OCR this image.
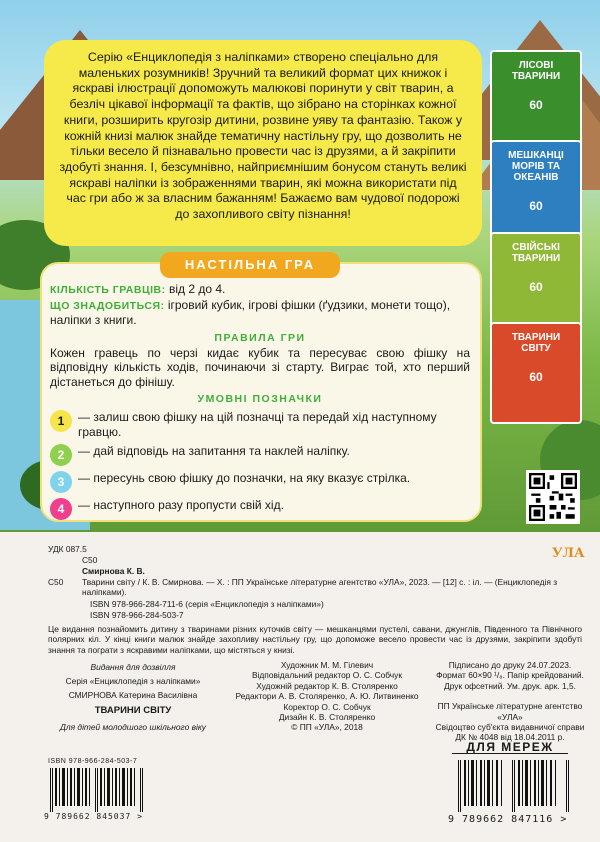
Серію «Енциклопедія з наліпками» створено спеціально для маленьких розумників! Зручний та великий формат цих книжок і яскраві ілюстрації допоможуть малюкові поринути у світ тварин, а безліч цікавої інформації та фактів, що зібрано на сторінках кожної книги, розширить кругозір дитини, розвине уяву та фантазію. Також у кожній книзі малюк знайде тематичну настільну гру, що дозволить не тільки весело й пізнавально провести час із друзями, а й закріпити здобуті знання. І, безсумнівно, найприємнішим бонусом стануть великі яскраві наліпки із зображеннями тварин, які можна використати під час гри або ж за власним бажанням! Бажаємо вам чудової подорожі до захопливого світу пізнання!

НАСТІЛЬНА ГРА

КІЛЬКІСТЬ ГРАВЦІВ: від 2 до 4.

ЩО ЗНАДОБИТЬСЯ: ігровий кубик, ігрові фішки (ґудзики, монети тощо), наліпки з книги.

ПРАВИЛА ГРИ

Кожен гравець по черзі кидає кубик та пересуває свою фішку на відповідну кількість ходів, починаючи зі старту. Виграє той, хто перший дістанеться до фінішу.

УМОВНІ ПОЗНАЧКИ
1	— залиш свою фішку на цій позначці та передай хід наступному гравцю.
2	— дай відповідь на запитання та наклей наліпку.
3	— пересунь свою фішку до позначки, на яку вказує стрілка.
4	— наступного разу пропусти свій хід.
ЛІСОВІ ТВАРИНИ
60
МЕШКАНЦІ МОРІВ ТА ОКЕАНІВ
60
СВІЙСЬКІ ТВАРИНИ
60
ТВАРИНИ СВІТУ
60
УДК 087.5
С50
Смирнова К. В.
С50 Тварини світу / К. В. Смирнова. — Х. : ПП Українське літературне агентство «УЛА», 2023. — [12] с. : іл. — (Енциклопедія з наліпками).
ISBN 978-966-284-711-6 (серія «Енциклопедія з наліпками»)
ISBN 978-966-284-503-7
Це видання познайомить дитину з тваринами різних куточків світу — мешканцями пустелі, савани, джунглів, Південного та Північного полярних кіл. У кінці книги малюк знайде захопливу настільну гру, що допоможе весело провести час із друзями, закріпити здобуті знання та пограти з яскравими наліпками, що містяться у книзі.
Видання для дозвілля
Серія «Енциклопедія з наліпками»
СМИРНОВА Катерина Василівна
ТВАРИНИ СВІТУ
Для дітей молодшого шкільного віку
Художник М. М. Гілевич
Відповідальний редактор О. С. Собчук
Художній редактор К. В. Столяренко
Редактори А. В. Столяренко, А. Ю. Литвиненко
Коректор О. С. Собчук
Дизайн К. В. Столяренко
© ПП «УЛА», 2018
Підписано до друку 24.07.2023.
Формат 60×90 ¹/₈. Папір крейдований.
Друк офсетний. Ум. друк. арк. 1,5.
ПП Українське літературне агентство «УЛА»
Свідоцтво суб'єкта видавничої справи
ДК № 4048 від 18.04.2011 р.
ДЛЯ МЕРЕЖ
УЛА
ISBN 978-966-284-503-7
9 789662 845037 >	9 789662 847116 >
